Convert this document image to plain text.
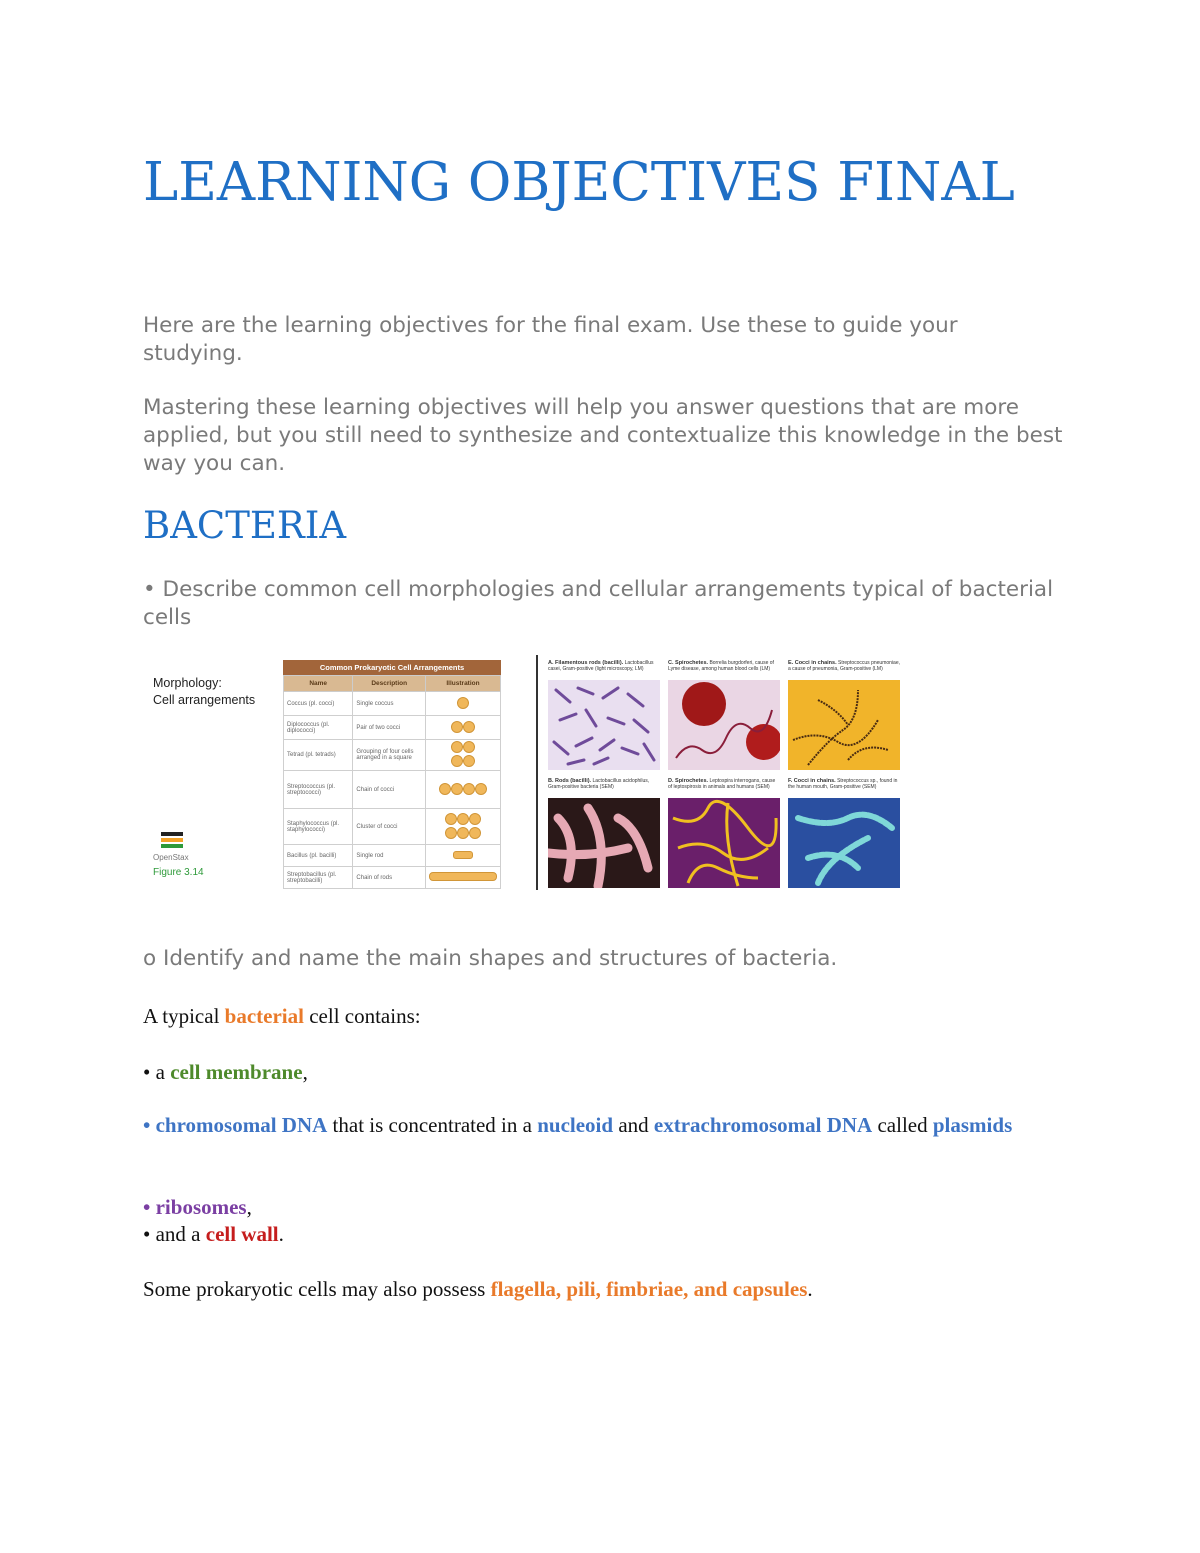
LEARNING OBJECTIVES FINAL

Here are the learning objectives for the final exam. Use these to guide your studying.

Mastering these learning objectives will help you answer questions that are more applied, but you still need to synthesize and contextualize this knowledge in the best way you can.

BACTERIA

• Describe common cell morphologies and cellular arrangements typical of bacterial cells

Morphology:
Cell arrangements
OpenStax
Figure 3.14
Common Prokaryotic Cell Arrangements
Name	Description	Illustration
Coccus (pl. cocci)	Single coccus	
Diplococcus (pl. diplococci)	Pair of two cocci	
Tetrad (pl. tetrads)	Grouping of four cells arranged in a square	

Streptococcus (pl. streptococci)	Chain of cocci	
Staphylococcus (pl. staphylococci)	Cluster of cocci	

Bacillus (pl. bacilli)	Single rod	
Streptobacillus (pl. streptobacilli)	Chain of rods	
A. Filamentous rods (bacilli). Lactobacillus casei, Gram-positive (light microscopy, LM)
C. Spirochetes. Borrelia burgdorferi, cause of Lyme disease, among human blood cells (LM)
E. Cocci in chains. Streptococcus pneumoniae, a cause of pneumonia, Gram-positive (LM)
B. Rods (bacilli). Lactobacillus acidophilus, Gram-positive bacteria (SEM)
D. Spirochetes. Leptospira interrogans, cause of leptospirosis in animals and humans (SEM)
F. Cocci in chains. Streptococcus sp., found in the human mouth, Gram-positive (SEM)

o Identify and name the main shapes and structures of bacteria.

A typical bacterial cell contains:

• a cell membrane,

• chromosomal DNA that is concentrated in a nucleoid and extrachromosomal DNA called plasmids

• ribosomes,

• and a cell wall.

Some prokaryotic cells may also possess flagella, pili, fimbriae, and capsules.
